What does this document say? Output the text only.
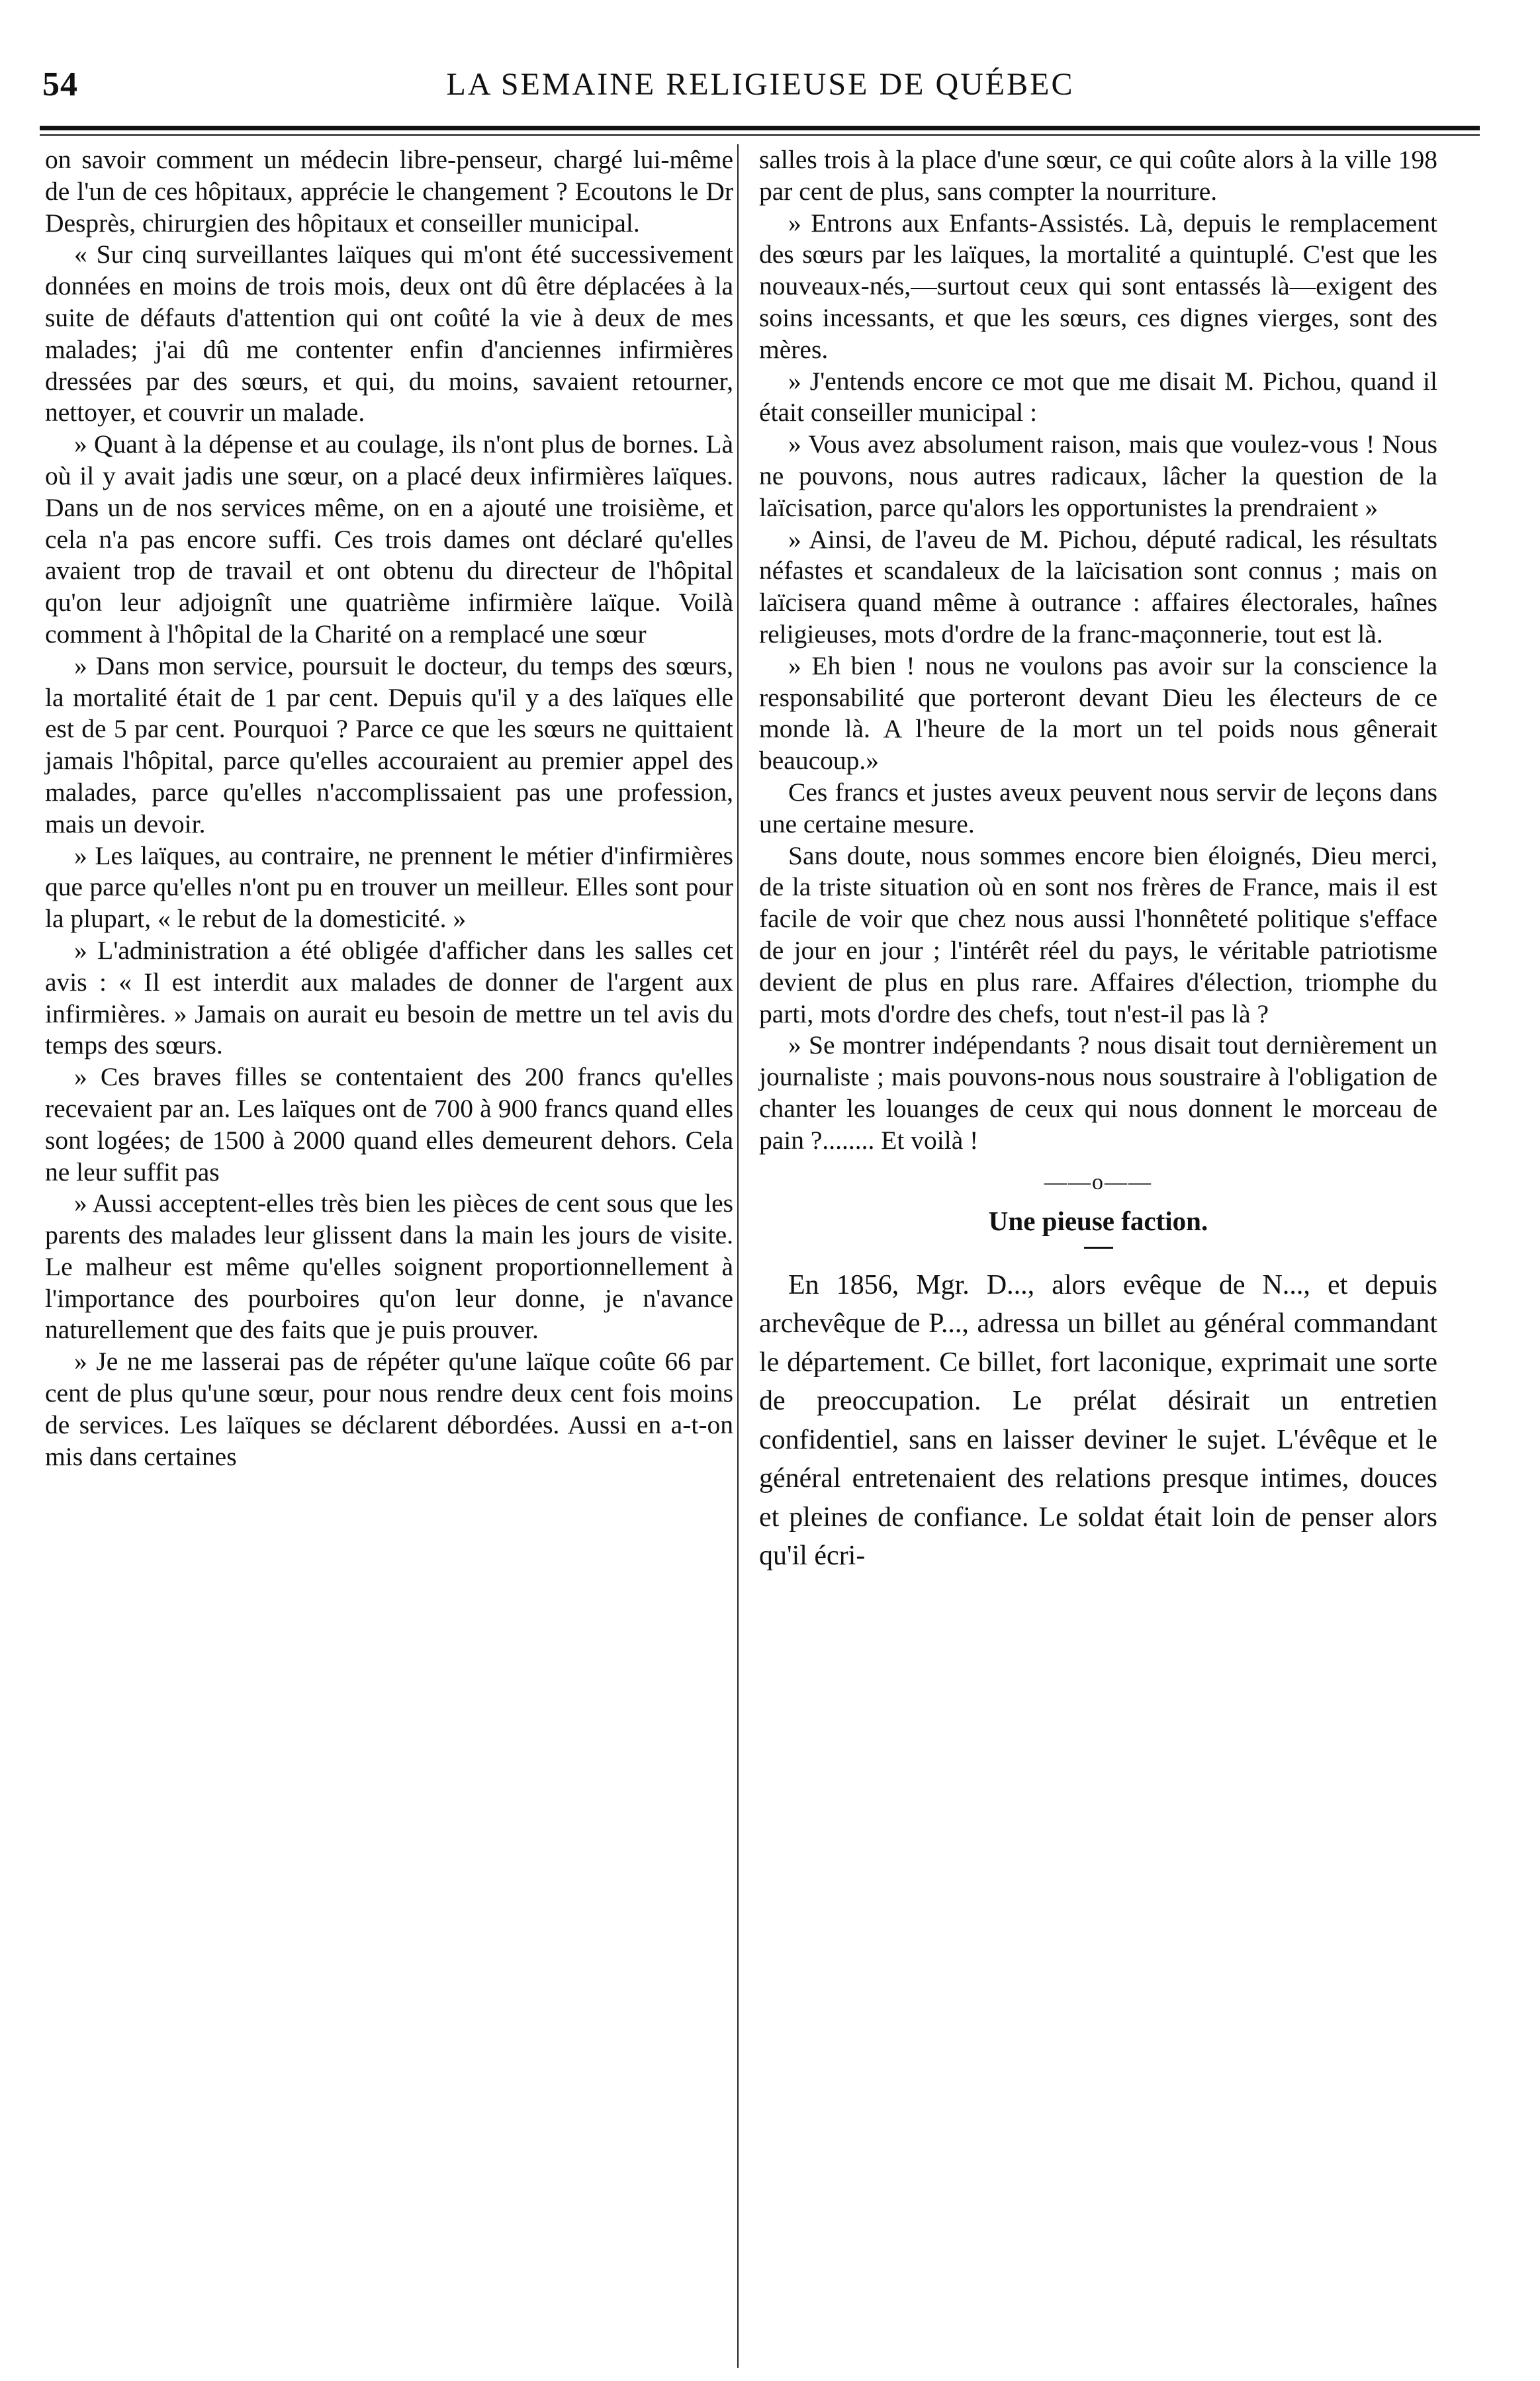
54	LA SEMAINE RELIGIEUSE DE QUÉBEC

on savoir comment un médecin libre-penseur, chargé lui-même de l'un de ces hôpitaux, apprécie le changement ? Ecoutons le Dr Desprès, chirurgien des hôpitaux et conseiller municipal.

« Sur cinq surveillantes laïques qui m'ont été successivement données en moins de trois mois, deux ont dû être déplacées à la suite de défauts d'attention qui ont coûté la vie à deux de mes malades; j'ai dû me contenter enfin d'anciennes infirmières dressées par des sœurs, et qui, du moins, savaient retourner, nettoyer, et couvrir un malade.

» Quant à la dépense et au coulage, ils n'ont plus de bornes. Là où il y avait jadis une sœur, on a placé deux infirmières laïques. Dans un de nos services même, on en a ajouté une troisième, et cela n'a pas encore suffi. Ces trois dames ont déclaré qu'elles avaient trop de travail et ont obtenu du directeur de l'hôpital qu'on leur adjoignît une quatrième infirmière laïque. Voilà comment à l'hôpital de la Charité on a remplacé une sœur

» Dans mon service, poursuit le docteur, du temps des sœurs, la mortalité était de 1 par cent. Depuis qu'il y a des laïques elle est de 5 par cent. Pourquoi ? Parce ce que les sœurs ne quittaient jamais l'hôpital, parce qu'elles accouraient au premier appel des malades, parce qu'elles n'accomplissaient pas une profession, mais un devoir.

» Les laïques, au contraire, ne prennent le métier d'infirmières que parce qu'elles n'ont pu en trouver un meilleur. Elles sont pour la plupart, « le rebut de la domesticité. »

» L'administration a été obligée d'afficher dans les salles cet avis : « Il est interdit aux malades de donner de l'argent aux infirmières. » Jamais on aurait eu besoin de mettre un tel avis du temps des sœurs.

» Ces braves filles se contentaient des 200 francs qu'elles recevaient par an. Les laïques ont de 700 à 900 francs quand elles sont logées; de 1500 à 2000 quand elles demeurent dehors. Cela ne leur suffit pas

» Aussi acceptent-elles très bien les pièces de cent sous que les parents des malades leur glissent dans la main les jours de visite. Le malheur est même qu'elles soignent proportionnellement à l'importance des pourboires qu'on leur donne, je n'avance naturellement que des faits que je puis prouver.

» Je ne me lasserai pas de répéter qu'une laïque coûte 66 par cent de plus qu'une sœur, pour nous rendre deux cent fois moins de services. Les laïques se déclarent débordées. Aussi en a-t-on mis dans certaines

salles trois à la place d'une sœur, ce qui coûte alors à la ville 198 par cent de plus, sans compter la nourriture.

» Entrons aux Enfants-Assistés. Là, depuis le remplacement des sœurs par les laïques, la mortalité a quintuplé. C'est que les nouveaux-nés,—surtout ceux qui sont entassés là—exigent des soins incessants, et que les sœurs, ces dignes vierges, sont des mères.

» J'entends encore ce mot que me disait M. Pichou, quand il était conseiller municipal :

» Vous avez absolument raison, mais que voulez-vous ! Nous ne pouvons, nous autres radicaux, lâcher la question de la laïcisation, parce qu'alors les opportunistes la prendraient »

» Ainsi, de l'aveu de M. Pichou, député radical, les résultats néfastes et scandaleux de la laïcisation sont connus ; mais on laïcisera quand même à outrance : affaires électorales, haînes religieuses, mots d'ordre de la franc-maçonnerie, tout est là.

» Eh bien ! nous ne voulons pas avoir sur la conscience la responsabilité que porteront devant Dieu les électeurs de ce monde là. A l'heure de la mort un tel poids nous gênerait beaucoup.»

Ces francs et justes aveux peuvent nous servir de leçons dans une certaine mesure.

Sans doute, nous sommes encore bien éloignés, Dieu merci, de la triste situation où en sont nos frères de France, mais il est facile de voir que chez nous aussi l'honnêteté politique s'efface de jour en jour ; l'intérêt réel du pays, le véritable patriotisme devient de plus en plus rare. Affaires d'élection, triomphe du parti, mots d'ordre des chefs, tout n'est-il pas là ?

» Se montrer indépendants ? nous disait tout dernièrement un journaliste ; mais pouvons-nous nous soustraire à l'obligation de chanter les louanges de ceux qui nous donnent le morceau de pain ?........ Et voilà !

——o——
Une pieuse faction.

En 1856, Mgr. D..., alors evêque de N..., et depuis archevêque de P..., adressa un billet au général commandant le département. Ce billet, fort laconique, exprimait une sorte de preoccupation. Le prélat désirait un entretien confidentiel, sans en laisser deviner le sujet. L'évêque et le général entretenaient des relations presque intimes, douces et pleines de confiance. Le soldat était loin de penser alors qu'il écri-
